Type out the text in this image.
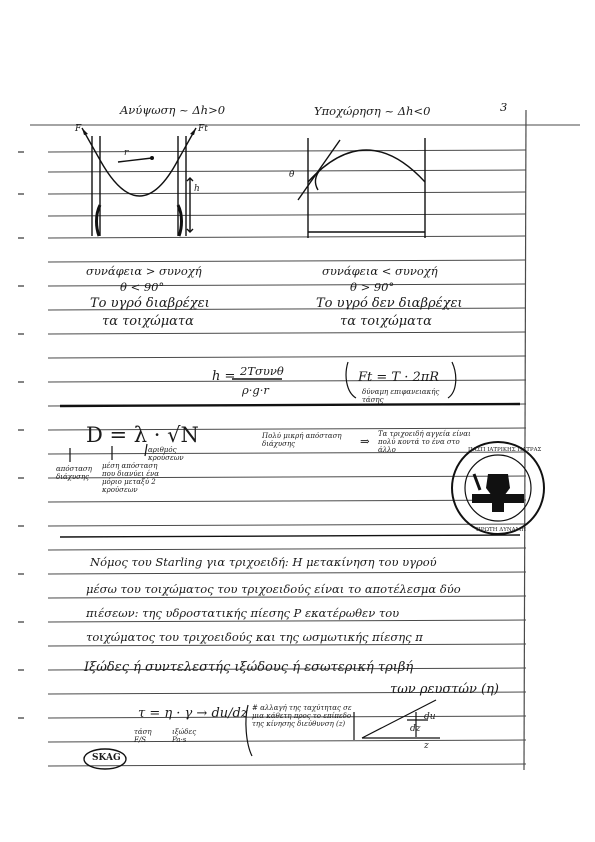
3
Ανύψωση ~ Δh>0	Υποχώρηση ~ Δh<0
F	Ft
r
h
συνάφεια > συνοχή
θ < 90°
Το υγρό διαβρέχει
τα τοιχώματα
θ
συνάφεια < συνοχή
θ > 90°
Το υγρό δεν διαβρέχει
τα τοιχώματα
h = 2Τσυνθ
ρ·g·r
Ft = T · 2πR
δύναμη επιφανειακής τάσης
D = λ · √N
απόσταση διάχυσης
μέση απόσταση που διανύει ένα μόριο μεταξύ 2 κρούσεων
αριθμός κρούσεων
Πολύ μικρή απόσταση διάχυσης	⇒ Τα τριχοειδή αγγεία είναι πολύ κοντά το ένα στο άλλο	ΠΑΣΠ ΙΑΤΡΙΚΗΣ ΠΑΤΡΑΣ
ΠΡΩΤΗ ΔΥΝΑΜΗ
Νόμος του Starling για τριχοειδή: Η μετακίνηση του υγρού
μέσω του τοιχώματος του τριχοειδούς είναι το αποτέλεσμα δύο
πιέσεων: της υδροστατικής πίεσης P εκατέρωθεν του
τοιχώματος του τριχοειδούς και της ωσμωτικής πίεσης π
Ιξώδες ή συντελεστής ιξώδους ή εσωτερική τριβή
των ρευστών (η)
τ = η · γ → du/dz
τάση F/S
ιξώδες Pa·s
# αλλαγή της ταχύτητας σε μια κάθετη προς το επίπεδο της κίνησης διεύθυνση (z)
du
dz
z
SKAG
